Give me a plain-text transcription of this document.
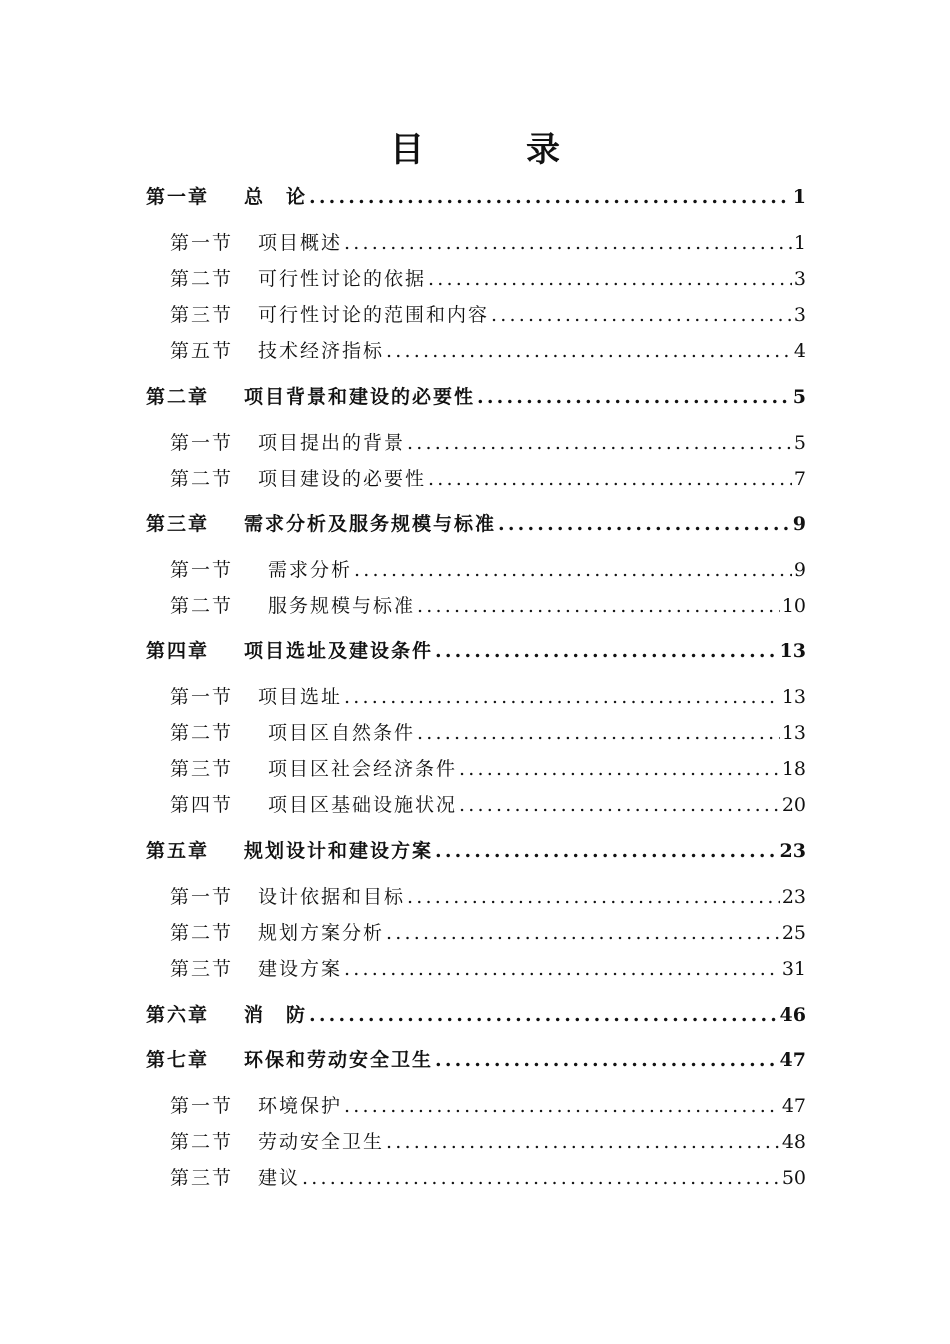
目　录
第一章	总　论 .....	1
第一节	项目概述 .....	1
第二节	可行性讨论的依据 .....	3
第三节	可行性讨论的范围和内容 .....	3
第五节	技术经济指标 .....	4
第二章	项目背景和建设的必要性 .....	5
第一节	项目提出的背景 .....	5
第二节	项目建设的必要性 .....	7
第三章	需求分析及服务规模与标准 .....	9
第一节	需求分析 .....	9
第二节	服务规模与标准 .....	10
第四章	项目选址及建设条件 .....	13
第一节	项目选址 .....	13
第二节	项目区自然条件 .....	13
第三节	项目区社会经济条件 .....	18
第四节	项目区基础设施状况 .....	20
第五章	规划设计和建设方案 .....	23
第一节	设计依据和目标 .....	23
第二节	规划方案分析 .....	25
第三节	建设方案 .....	31
第六章	消　防 .....	46
第七章	环保和劳动安全卫生 .....	47
第一节	环境保护 .....	47
第二节	劳动安全卫生 .....	48
第三节	建议 .....	50
